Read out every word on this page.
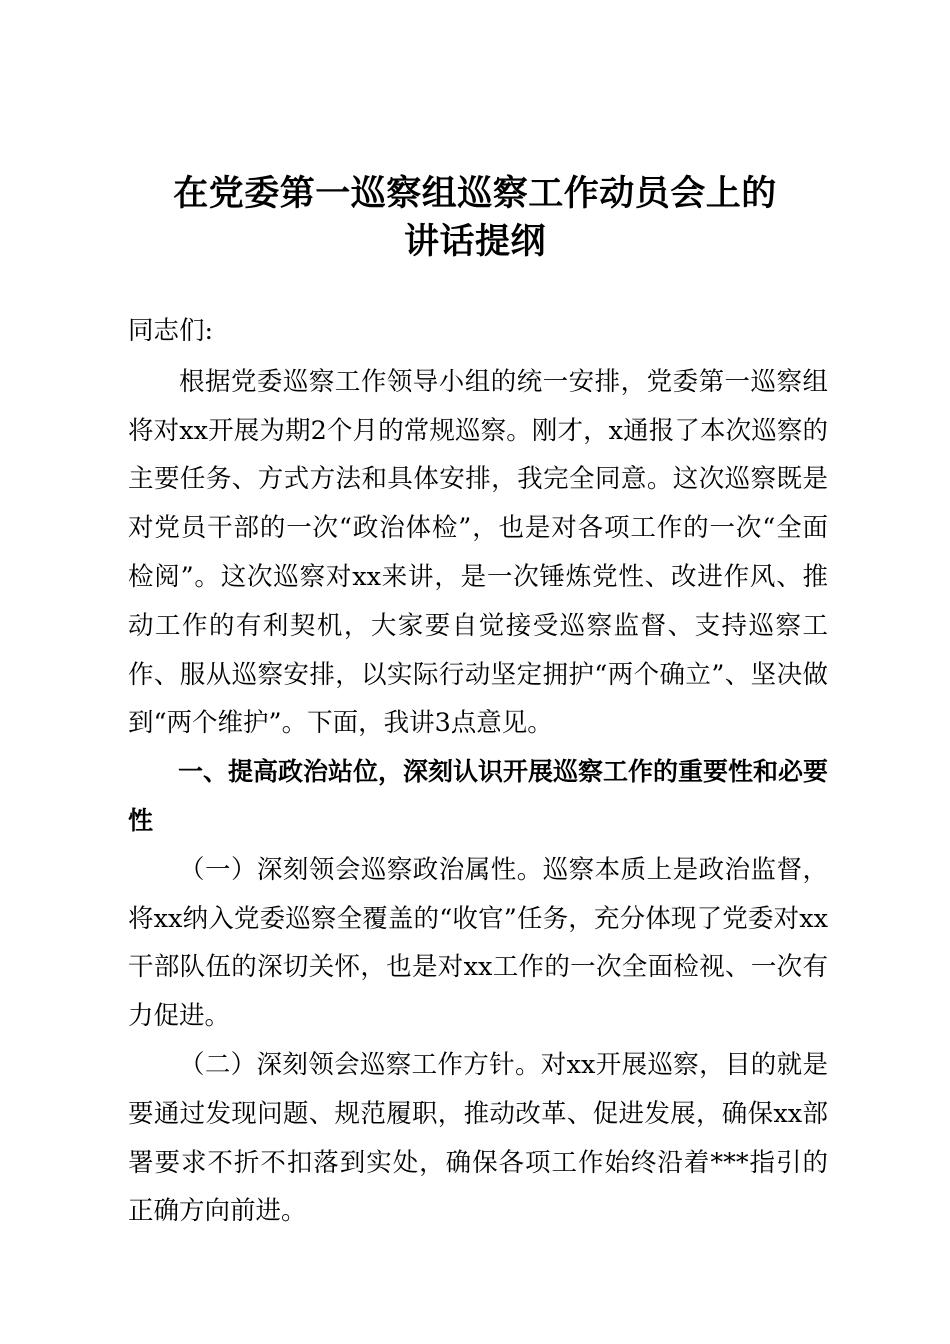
在党委第一巡察组巡察工作动员会上的
讲话提纲

同志们:

根据党委巡察工作领导小组的统一安排，党委第一巡察组将对xx开展为期2个月的常规巡察。刚才，x通报了本次巡察的主要任务、方式方法和具体安排，我完全同意。这次巡察既是对党员干部的一次“政治体检”，也是对各项工作的一次“全面检阅”。这次巡察对xx来讲，是一次锤炼党性、改进作风、推动工作的有利契机，大家要自觉接受巡察监督、支持巡察工作、服从巡察安排，以实际行动坚定拥护“两个确立”、坚决做到“两个维护”。下面，我讲3点意见。

一、提高政治站位，深刻认识开展巡察工作的重要性和必要性

（一）深刻领会巡察政治属性。巡察本质上是政治监督，将xx纳入党委巡察全覆盖的“收官”任务，充分体现了党委对xx干部队伍的深切关怀，也是对xx工作的一次全面检视、一次有力促进。

（二）深刻领会巡察工作方针。对xx开展巡察，目的就是要通过发现问题、规范履职，推动改革、促进发展，确保xx部署要求不折不扣落到实处，确保各项工作始终沿着***指引的正确方向前进。
